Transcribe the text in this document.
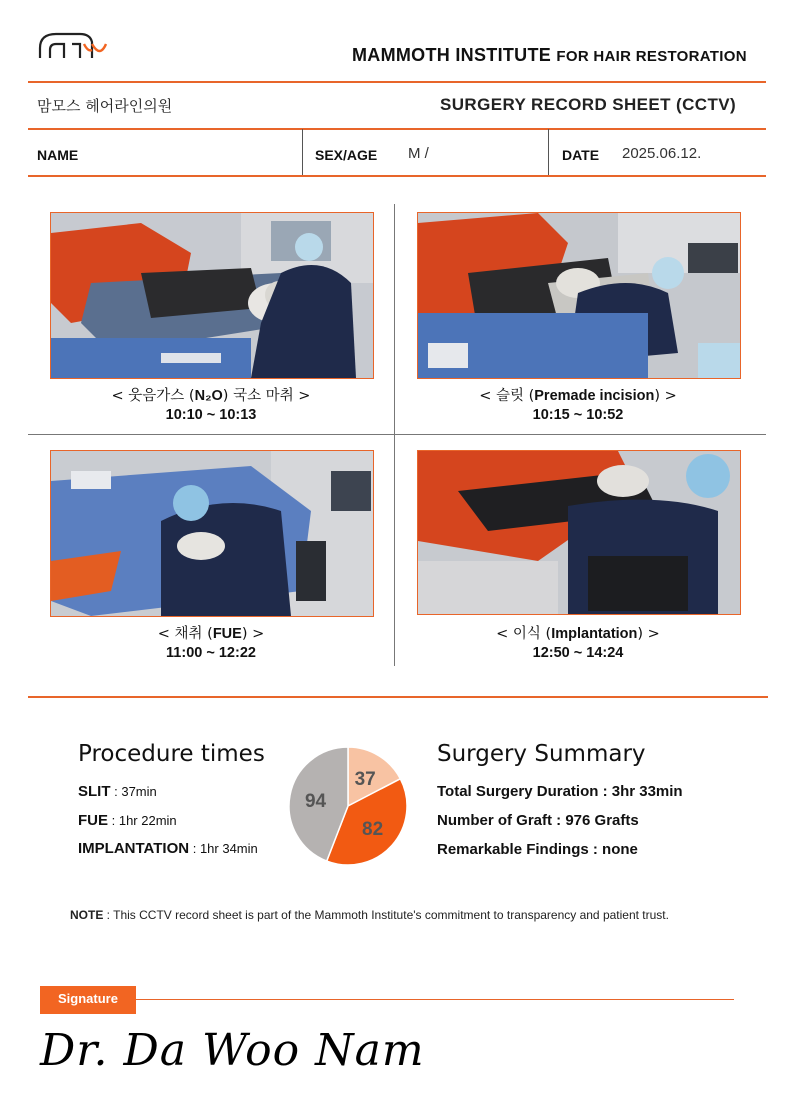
MAMMOTH INSTITUTE FOR HAIR RESTORATION
맘모스 헤어라인의원	SURGERY RECORD SHEET (CCTV)
NAME	SEX/AGE M /	DATE 2025.06.12.
< 웃음가스 (N₂O) 국소 마취 >
10:10 ~ 10:13
< 슬릿 (Premade incision) >
10:15 ~ 10:52
< 채취 (FUE) >
11:00 ~ 12:22
< 이식 (Implantation) >
12:50 ~ 14:24
Procedure times
SLIT : 37min
FUE : 1hr 22min
IMPLANTATION : 1hr 34min
37
82
94
Surgery Summary
Total Surgery Duration : 3hr 33min
Number of Graft : 976 Grafts
Remarkable Findings : none
NOTE : This CCTV record sheet is part of the Mammoth Institute's commitment to transparency and patient trust.
Signature
Dr. Da Woo Nam
